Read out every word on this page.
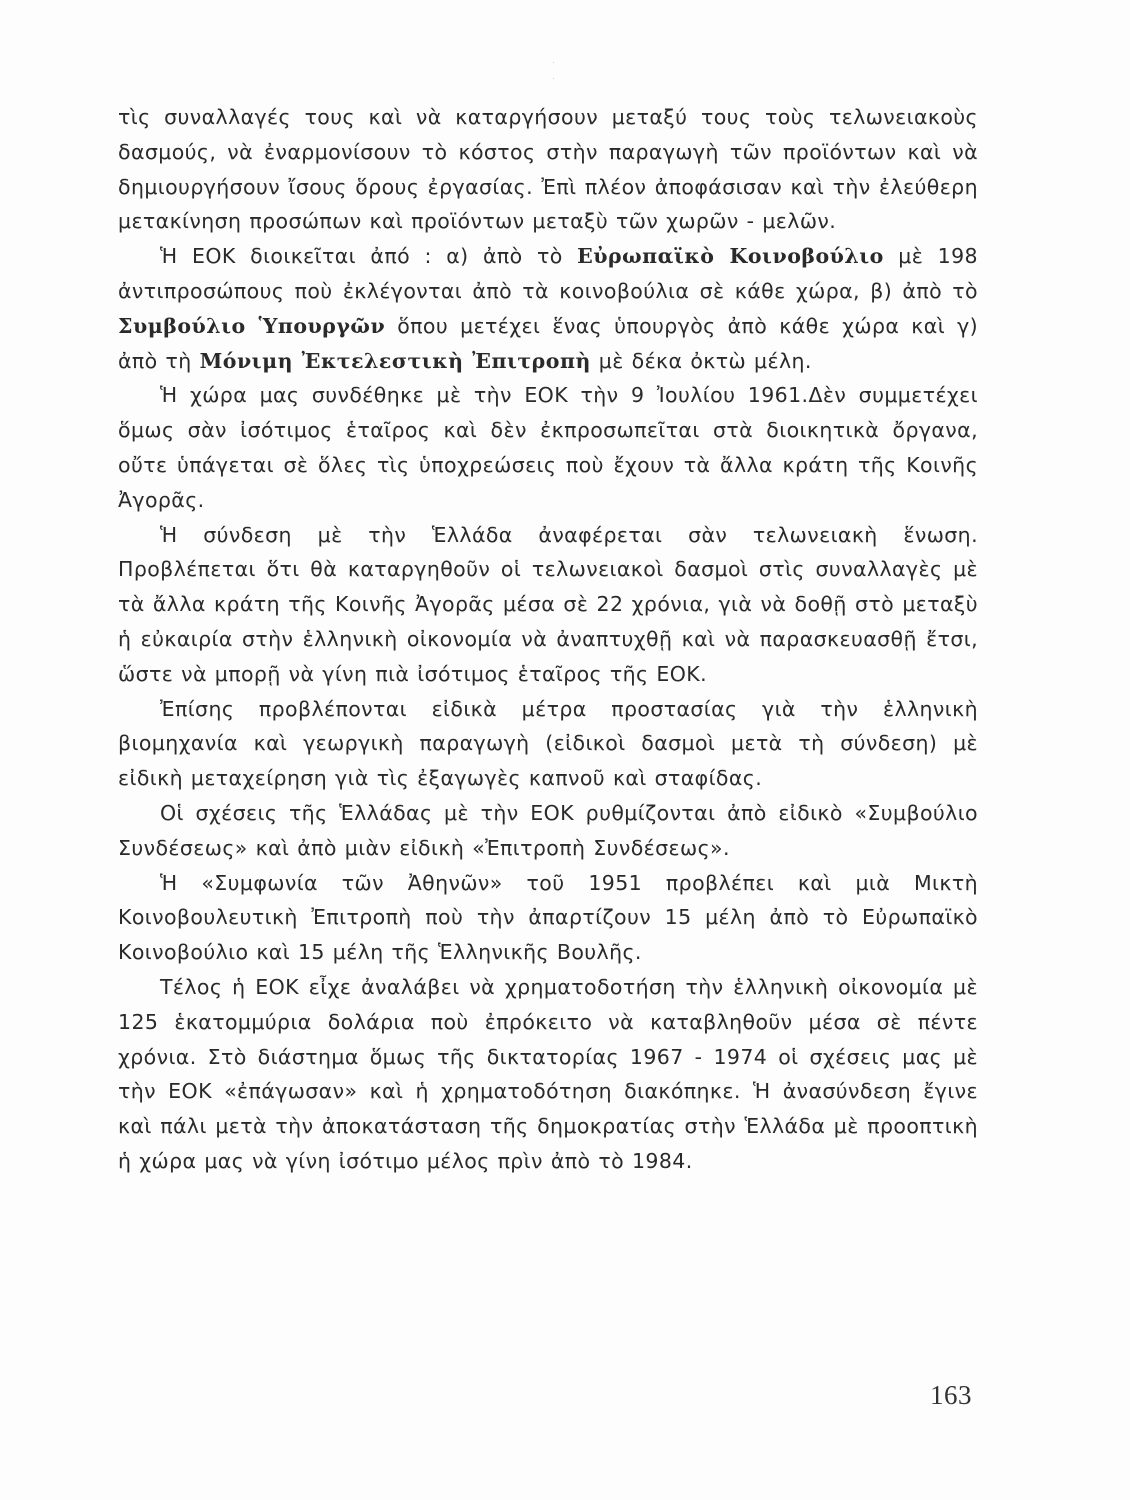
τὶς συναλλαγές τους καὶ νὰ καταργήσουν μεταξύ τους τοὺς τελωνειακοὺς δασμούς, νὰ ἐναρμονίσουν τὸ κόστος στὴν παραγωγὴ τῶν προϊόντων καὶ νὰ δημιουργήσουν ἴσους ὅρους ἐργασίας. Ἐπὶ πλέον ἀποφάσισαν καὶ τὴν ἐλεύθερη μετακίνηση προσώπων καὶ προϊόντων μεταξὺ τῶν χωρῶν - μελῶν.

Ἡ ΕΟΚ διοικεῖται ἀπό : α) ἀπὸ τὸ Εὐρωπαϊκὸ Κοινοβούλιο μὲ 198 ἀντιπροσώπους ποὺ ἐκλέγονται ἀπὸ τὰ κοινοβούλια σὲ κάθε χώρα, β) ἀπὸ τὸ Συμβούλιο Ὑπουργῶν ὅπου μετέχει ἕνας ὑπουργὸς ἀπὸ κάθε χώρα καὶ γ) ἀπὸ τὴ Μόνιμη Ἐκτελεστικὴ Ἐπιτροπὴ μὲ δέκα ὀκτὼ μέλη.

Ἡ χώρα μας συνδέθηκε μὲ τὴν ΕΟΚ τὴν 9 Ἰουλίου 1961.Δὲν συμμετέχει ὅμως σὰν ἰσότιμος ἑταῖρος καὶ δὲν ἐκπροσωπεῖται στὰ διοικητικὰ ὄργανα, οὔτε ὑπάγεται σὲ ὅλες τὶς ὑποχρεώσεις ποὺ ἔχουν τὰ ἄλλα κράτη τῆς Κοινῆς Ἀγορᾶς.

Ἡ σύνδεση μὲ τὴν Ἑλλάδα ἀναφέρεται σὰν τελωνειακὴ ἕνωση. Προβλέπεται ὅτι θὰ καταργηθοῦν οἱ τελωνειακοὶ δασμοὶ στὶς συναλλαγὲς μὲ τὰ ἄλλα κράτη τῆς Κοινῆς Ἀγορᾶς μέσα σὲ 22 χρόνια, γιὰ νὰ δοθῇ στὸ μεταξὺ ἡ εὐκαιρία στὴν ἑλληνικὴ οἰκονομία νὰ ἀναπτυχθῇ καὶ νὰ παρασκευασθῇ ἔτσι, ὥστε νὰ μπορῇ νὰ γίνη πιὰ ἰσότιμος ἑταῖρος τῆς ΕΟΚ.

Ἐπίσης προβλέπονται εἰδικὰ μέτρα προστασίας γιὰ τὴν ἑλληνικὴ βιομηχανία καὶ γεωργικὴ παραγωγὴ (εἰδικοὶ δασμοὶ μετὰ τὴ σύνδεση) μὲ εἰδικὴ μεταχείρηση γιὰ τὶς ἐξαγωγὲς καπνοῦ καὶ σταφίδας.

Οἱ σχέσεις τῆς Ἑλλάδας μὲ τὴν ΕΟΚ ρυθμίζονται ἀπὸ εἰδικὸ «Συμβούλιο Συνδέσεως» καὶ ἀπὸ μιὰν εἰδικὴ «Ἐπιτροπὴ Συνδέσεως».

Ἡ «Συμφωνία τῶν Ἀθηνῶν» τοῦ 1951 προβλέπει καὶ μιὰ Μικτὴ Κοινοβουλευτικὴ Ἐπιτροπὴ ποὺ τὴν ἀπαρτίζουν 15 μέλη ἀπὸ τὸ Εὐρωπαϊκὸ Κοινοβούλιο καὶ 15 μέλη τῆς Ἑλληνικῆς Βουλῆς.

Τέλος ἡ ΕΟΚ εἶχε ἀναλάβει νὰ χρηματοδοτήση τὴν ἑλληνικὴ οἰκονομία μὲ 125 ἑκατομμύρια δολάρια ποὺ ἐπρόκειτο νὰ καταβληθοῦν μέσα σὲ πέντε χρόνια. Στὸ διάστημα ὅμως τῆς δικτατορίας 1967 - 1974 οἱ σχέσεις μας μὲ τὴν ΕΟΚ «ἐπάγωσαν» καὶ ἡ χρηματοδότηση διακόπηκε. Ἡ ἀνασύνδεση ἔγινε καὶ πάλι μετὰ τὴν ἀποκατάσταση τῆς δημοκρατίας στὴν Ἑλλάδα μὲ προοπτικὴ ἡ χώρα μας νὰ γίνη ἰσότιμο μέλος πρὶν ἀπὸ τὸ 1984.

163
